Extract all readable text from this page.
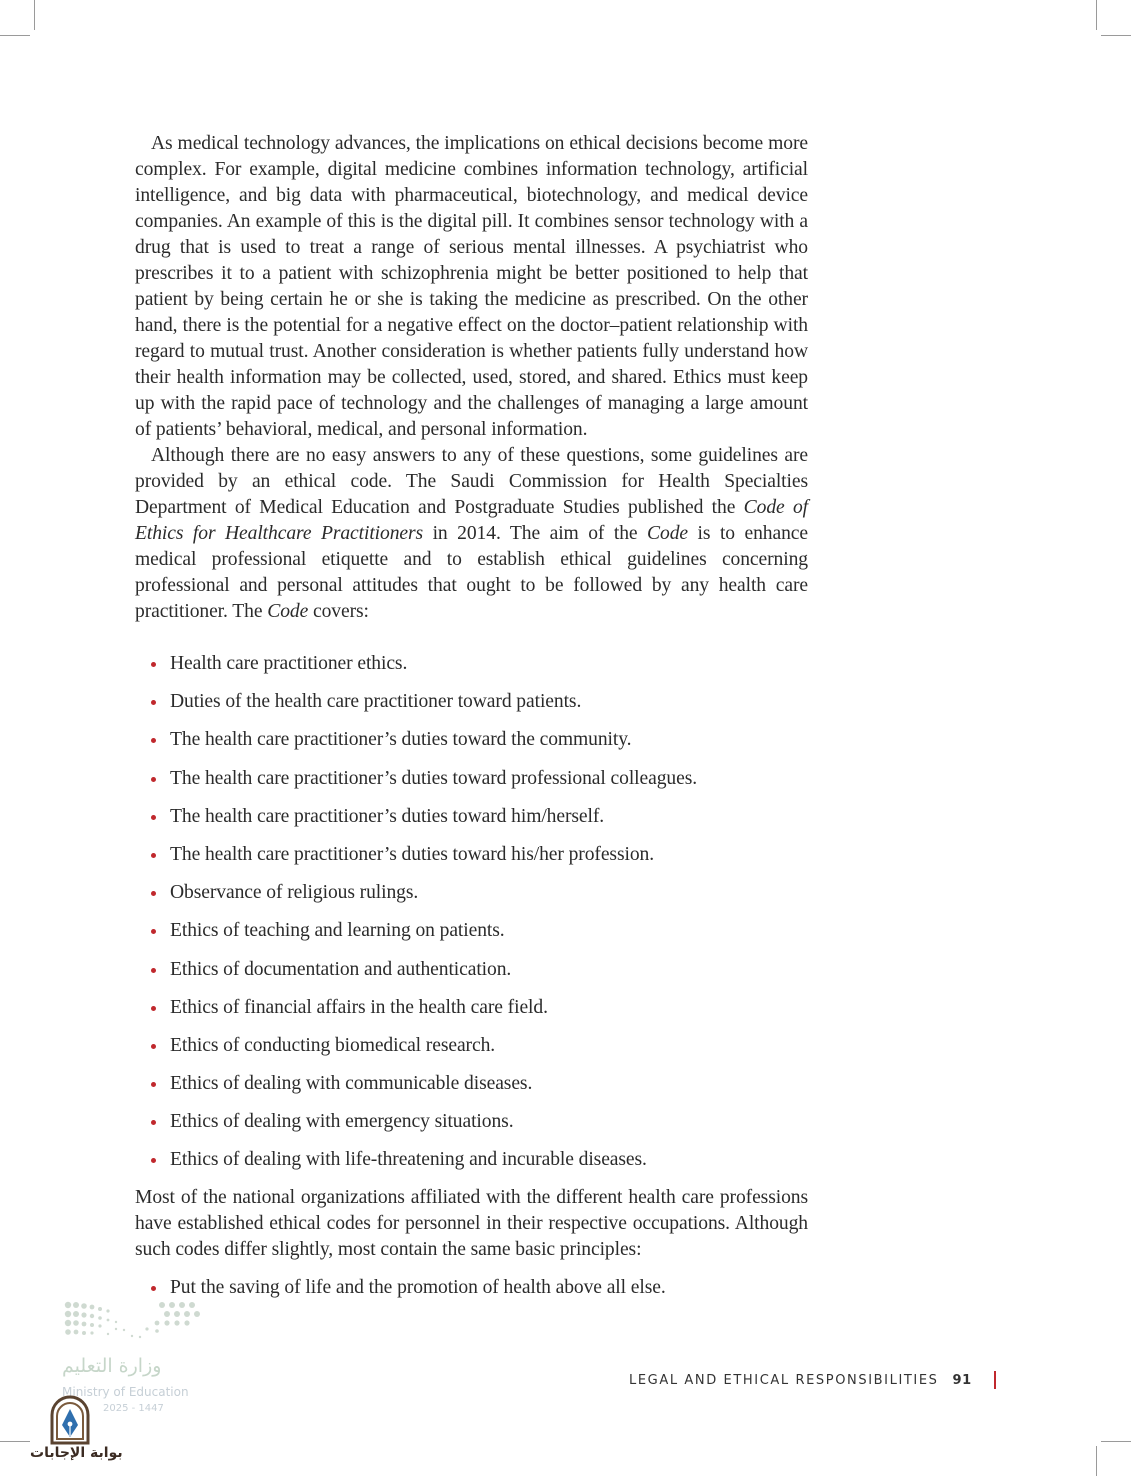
As medical technology advances, the implications on ethical decisions become more complex. For example, digital medicine combines information technology, artificial intelligence, and big data with pharmaceutical, biotechnology, and medical device companies. An example of this is the digital pill. It combines sensor technology with a drug that is used to treat a range of serious mental illnesses. A psychiatrist who prescribes it to a patient with schizophrenia might be better positioned to help that patient by being certain he or she is taking the medicine as prescribed. On the other hand, there is the potential for a negative effect on the doctor–patient relationship with regard to mutual trust. Another consideration is whether patients fully understand how their health information may be collected, used, stored, and shared. Ethics must keep up with the rapid pace of technology and the challenges of managing a large amount of patients’ behavioral, medical, and personal information.

Although there are no easy answers to any of these questions, some guidelines are provided by an ethical code. The Saudi Commission for Health Specialties Department of Medical Education and Postgraduate Studies published the Code of Ethics for Healthcare Practitioners in 2014. The aim of the Code is to enhance medical professional etiquette and to establish ethical guidelines concerning professional and personal attitudes that ought to be followed by any health care practitioner. The Code covers:

Health care practitioner ethics.
Duties of the health care practitioner toward patients.
The health care practitioner’s duties toward the community.
The health care practitioner’s duties toward professional colleagues.
The health care practitioner’s duties toward him/herself.
The health care practitioner’s duties toward his/her profession.
Observance of religious rulings.
Ethics of teaching and learning on patients.
Ethics of documentation and authentication.
Ethics of financial affairs in the health care field.
Ethics of conducting biomedical research.
Ethics of dealing with communicable diseases.
Ethics of dealing with emergency situations.
Ethics of dealing with life-threatening and incurable diseases.

Most of the national organizations affiliated with the different health care professions have established ethical codes for personnel in their respective occupations. Although such codes differ slightly, most contain the same basic principles:

Put the saving of life and the promotion of health above all else.
LEGAL AND ETHICAL RESPONSIBILITIES 91
وزارة التعليم
Ministry of Education
2025 - 1447
بوابة الإجابات
